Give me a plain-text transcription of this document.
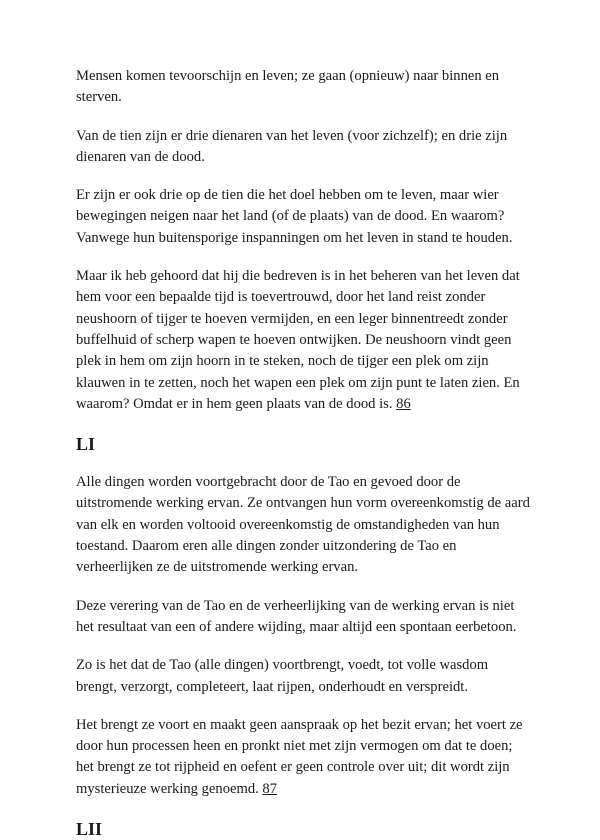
Mensen komen tevoorschijn en leven; ze gaan (opnieuw) naar binnen en sterven.

Van de tien zijn er drie dienaren van het leven (voor zichzelf); en drie zijn dienaren van de dood.

Er zijn er ook drie op de tien die het doel hebben om te leven, maar wier bewegingen neigen naar het land (of de plaats) van de dood. En waarom? Vanwege hun buitensporige inspanningen om het leven in stand te houden.

Maar ik heb gehoord dat hij die bedreven is in het beheren van het leven dat hem voor een bepaalde tijd is toevertrouwd, door het land reist zonder neushoorn of tijger te hoeven vermijden, en een leger binnentreedt zonder buffelhuid of scherp wapen te hoeven ontwijken. De neushoorn vindt geen plek in hem om zijn hoorn in te steken, noch de tijger een plek om zijn klauwen in te zetten, noch het wapen een plek om zijn punt te laten zien. En waarom? Omdat er in hem geen plaats van de dood is. 86

LI

Alle dingen worden voortgebracht door de Tao en gevoed door de uitstromende werking ervan. Ze ontvangen hun vorm overeenkomstig de aard van elk en worden voltooid overeenkomstig de omstandigheden van hun toestand. Daarom eren alle dingen zonder uitzondering de Tao en verheerlijken ze de uitstromende werking ervan.

Deze verering van de Tao en de verheerlijking van de werking ervan is niet het resultaat van een of andere wijding, maar altijd een spontaan eerbetoon.

Zo is het dat de Tao (alle dingen) voortbrengt, voedt, tot volle wasdom brengt, verzorgt, completeert, laat rijpen, onderhoudt en verspreidt.

Het brengt ze voort en maakt geen aanspraak op het bezit ervan; het voert ze door hun processen heen en pronkt niet met zijn vermogen om dat te doen; het brengt ze tot rijpheid en oefent er geen controle over uit; dit wordt zijn mysterieuze werking genoemd. 87

LII
